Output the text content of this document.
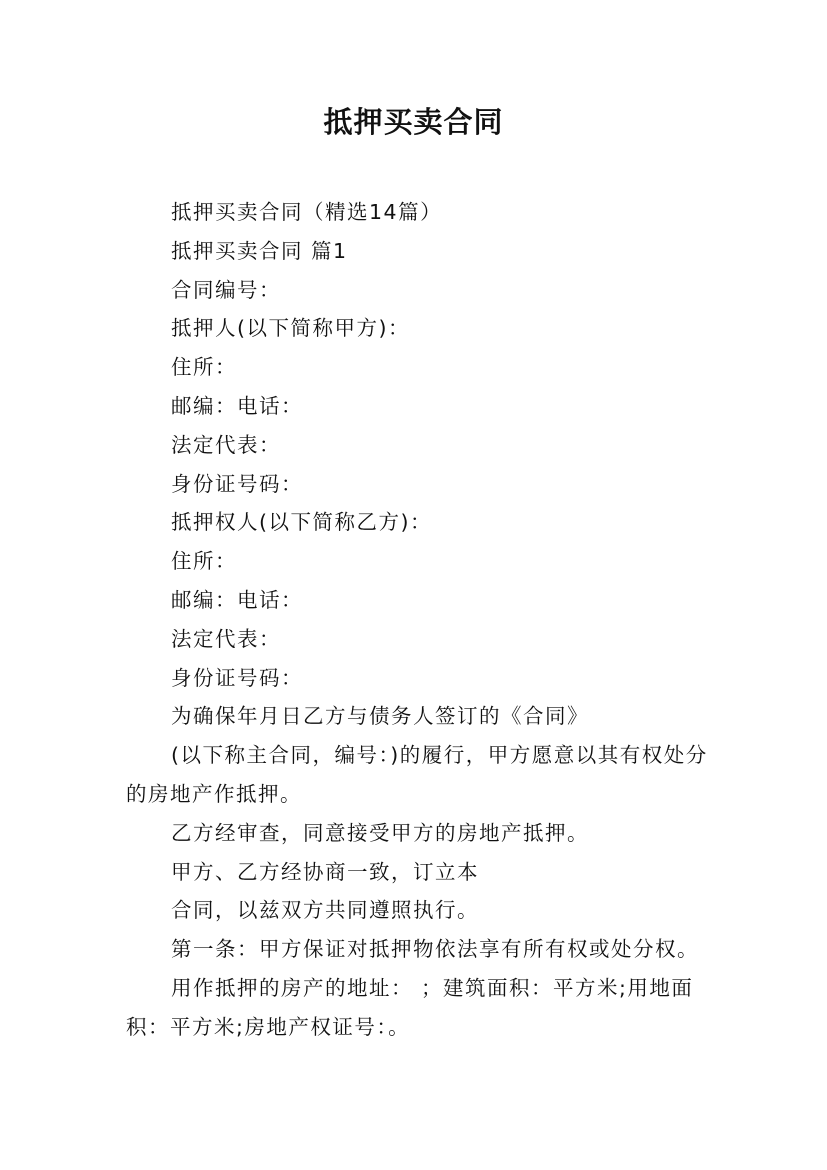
抵押买卖合同

抵押买卖合同（精选14篇）

抵押买卖合同 篇1

合同编号：

抵押人(以下简称甲方)：

住所：

邮编：电话：

法定代表：

身份证号码：

抵押权人(以下简称乙方)：

住所：

邮编：电话：

法定代表：

身份证号码：

为确保年月日乙方与债务人签订的《合同》

(以下称主合同，编号：)的履行，甲方愿意以其有权处分的房地产作抵押。

乙方经审查，同意接受甲方的房地产抵押。

甲方、乙方经协商一致，订立本

合同，以兹双方共同遵照执行。

第一条：甲方保证对抵押物依法享有所有权或处分权。

用作抵押的房产的地址： ；建筑面积：平方米;用地面积：平方米;房地产权证号：。
